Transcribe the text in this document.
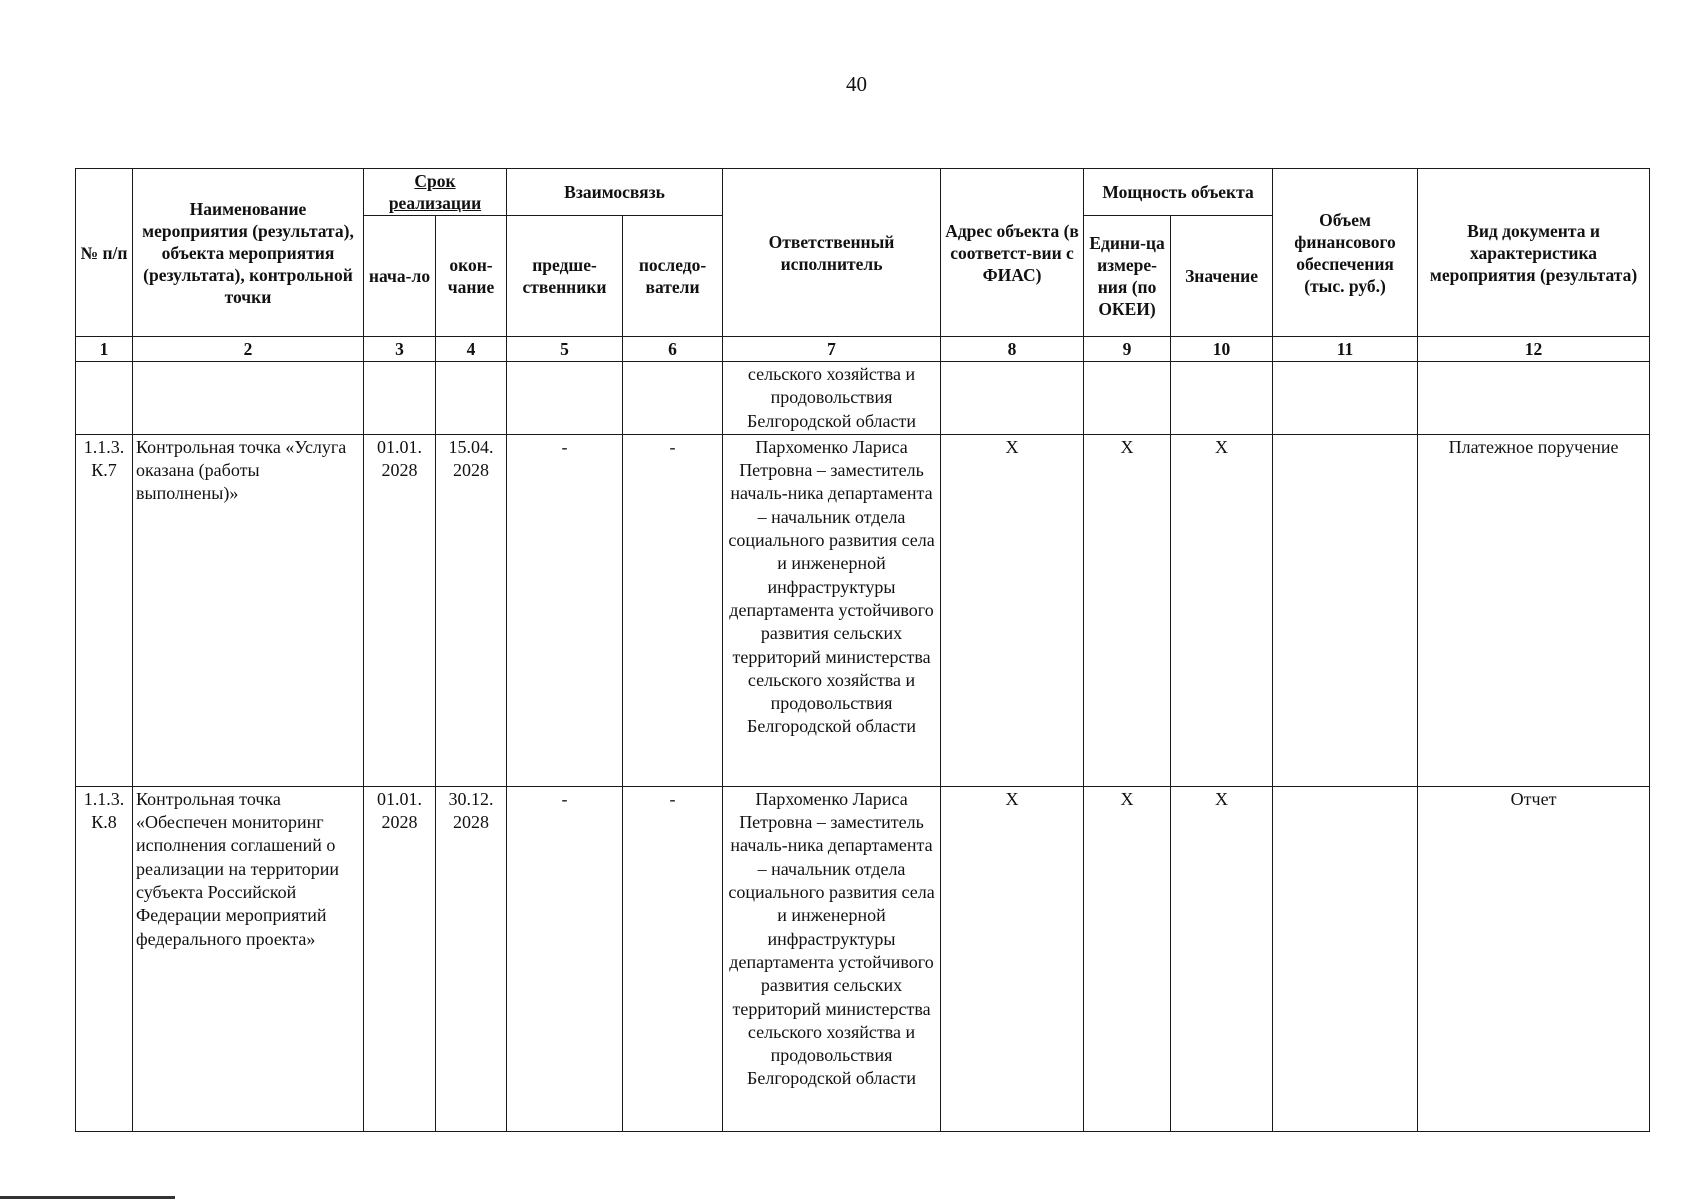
40
№ п/п	Наименование мероприятия (результата), объекта мероприятия (результата), контрольной точки	Срок реализации		Взаимосвязь		Ответственный исполнитель	Адрес объекта (в соответст-вии с ФИАС)	Мощность объекта		Объем финансового обеспечения (тыс. руб.)	Вид документа и характеристика мероприятия (результата)
		нача-ло	окон-чание	предше-ственники	последо-ватели			Едини-ца измере-ния (по ОКЕИ)	Значение		
1	2	3	4	5	6	7	8	9	10	11	12
						сельского хозяйства и продовольствия Белгородской области					
1.1.3. К.7	Контрольная точка «Услуга оказана (работы выполнены)»	01.01. 2028	15.04. 2028	-	-	Пархоменко Лариса Петровна – заместитель началь-ника департамента – начальник отдела социального развития села и инженерной инфраструктуры департамента устойчивого развития сельских территорий министерства сельского хозяйства и продовольствия Белгородской области	Х	Х	Х		Платежное поручение
1.1.3. К.8	Контрольная точка «Обеспечен мониторинг исполнения соглашений о реализации на территории субъекта Российской Федерации мероприятий федерального проекта»	01.01. 2028	30.12. 2028	-	-	Пархоменко Лариса Петровна – заместитель началь-ника департамента – начальник отдела социального развития села и инженерной инфраструктуры департамента устойчивого развития сельских территорий министерства сельского хозяйства и продовольствия Белгородской области	Х	Х	Х		Отчет
